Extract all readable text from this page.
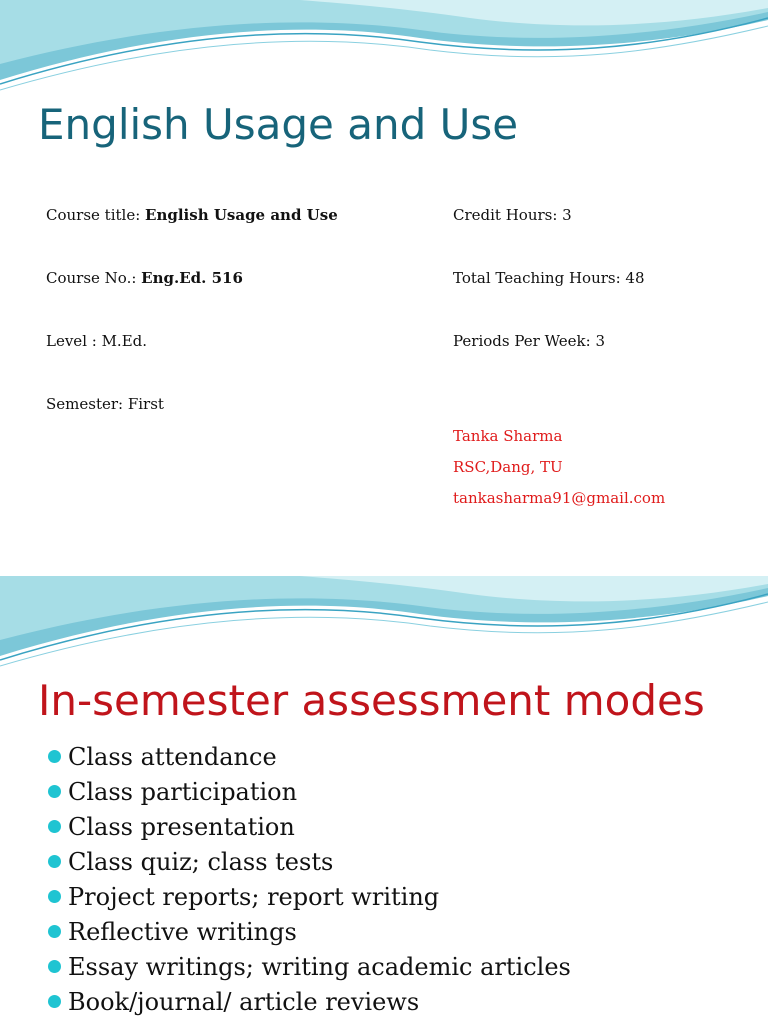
English Usage and Use
Course title: English Usage and Use
Course No.: Eng.Ed. 516
Level : M.Ed.
Semester: First
Credit Hours: 3
Total Teaching Hours: 48
Periods Per Week: 3
Tanka Sharma
RSC,Dang, TU
tankasharma91@gmail.com
In-semester assessment modes
Class attendance
Class participation
Class presentation
Class quiz; class tests
Project reports; report writing
Reflective writings
Essay writings; writing academic articles
Book/journal/ article reviews
